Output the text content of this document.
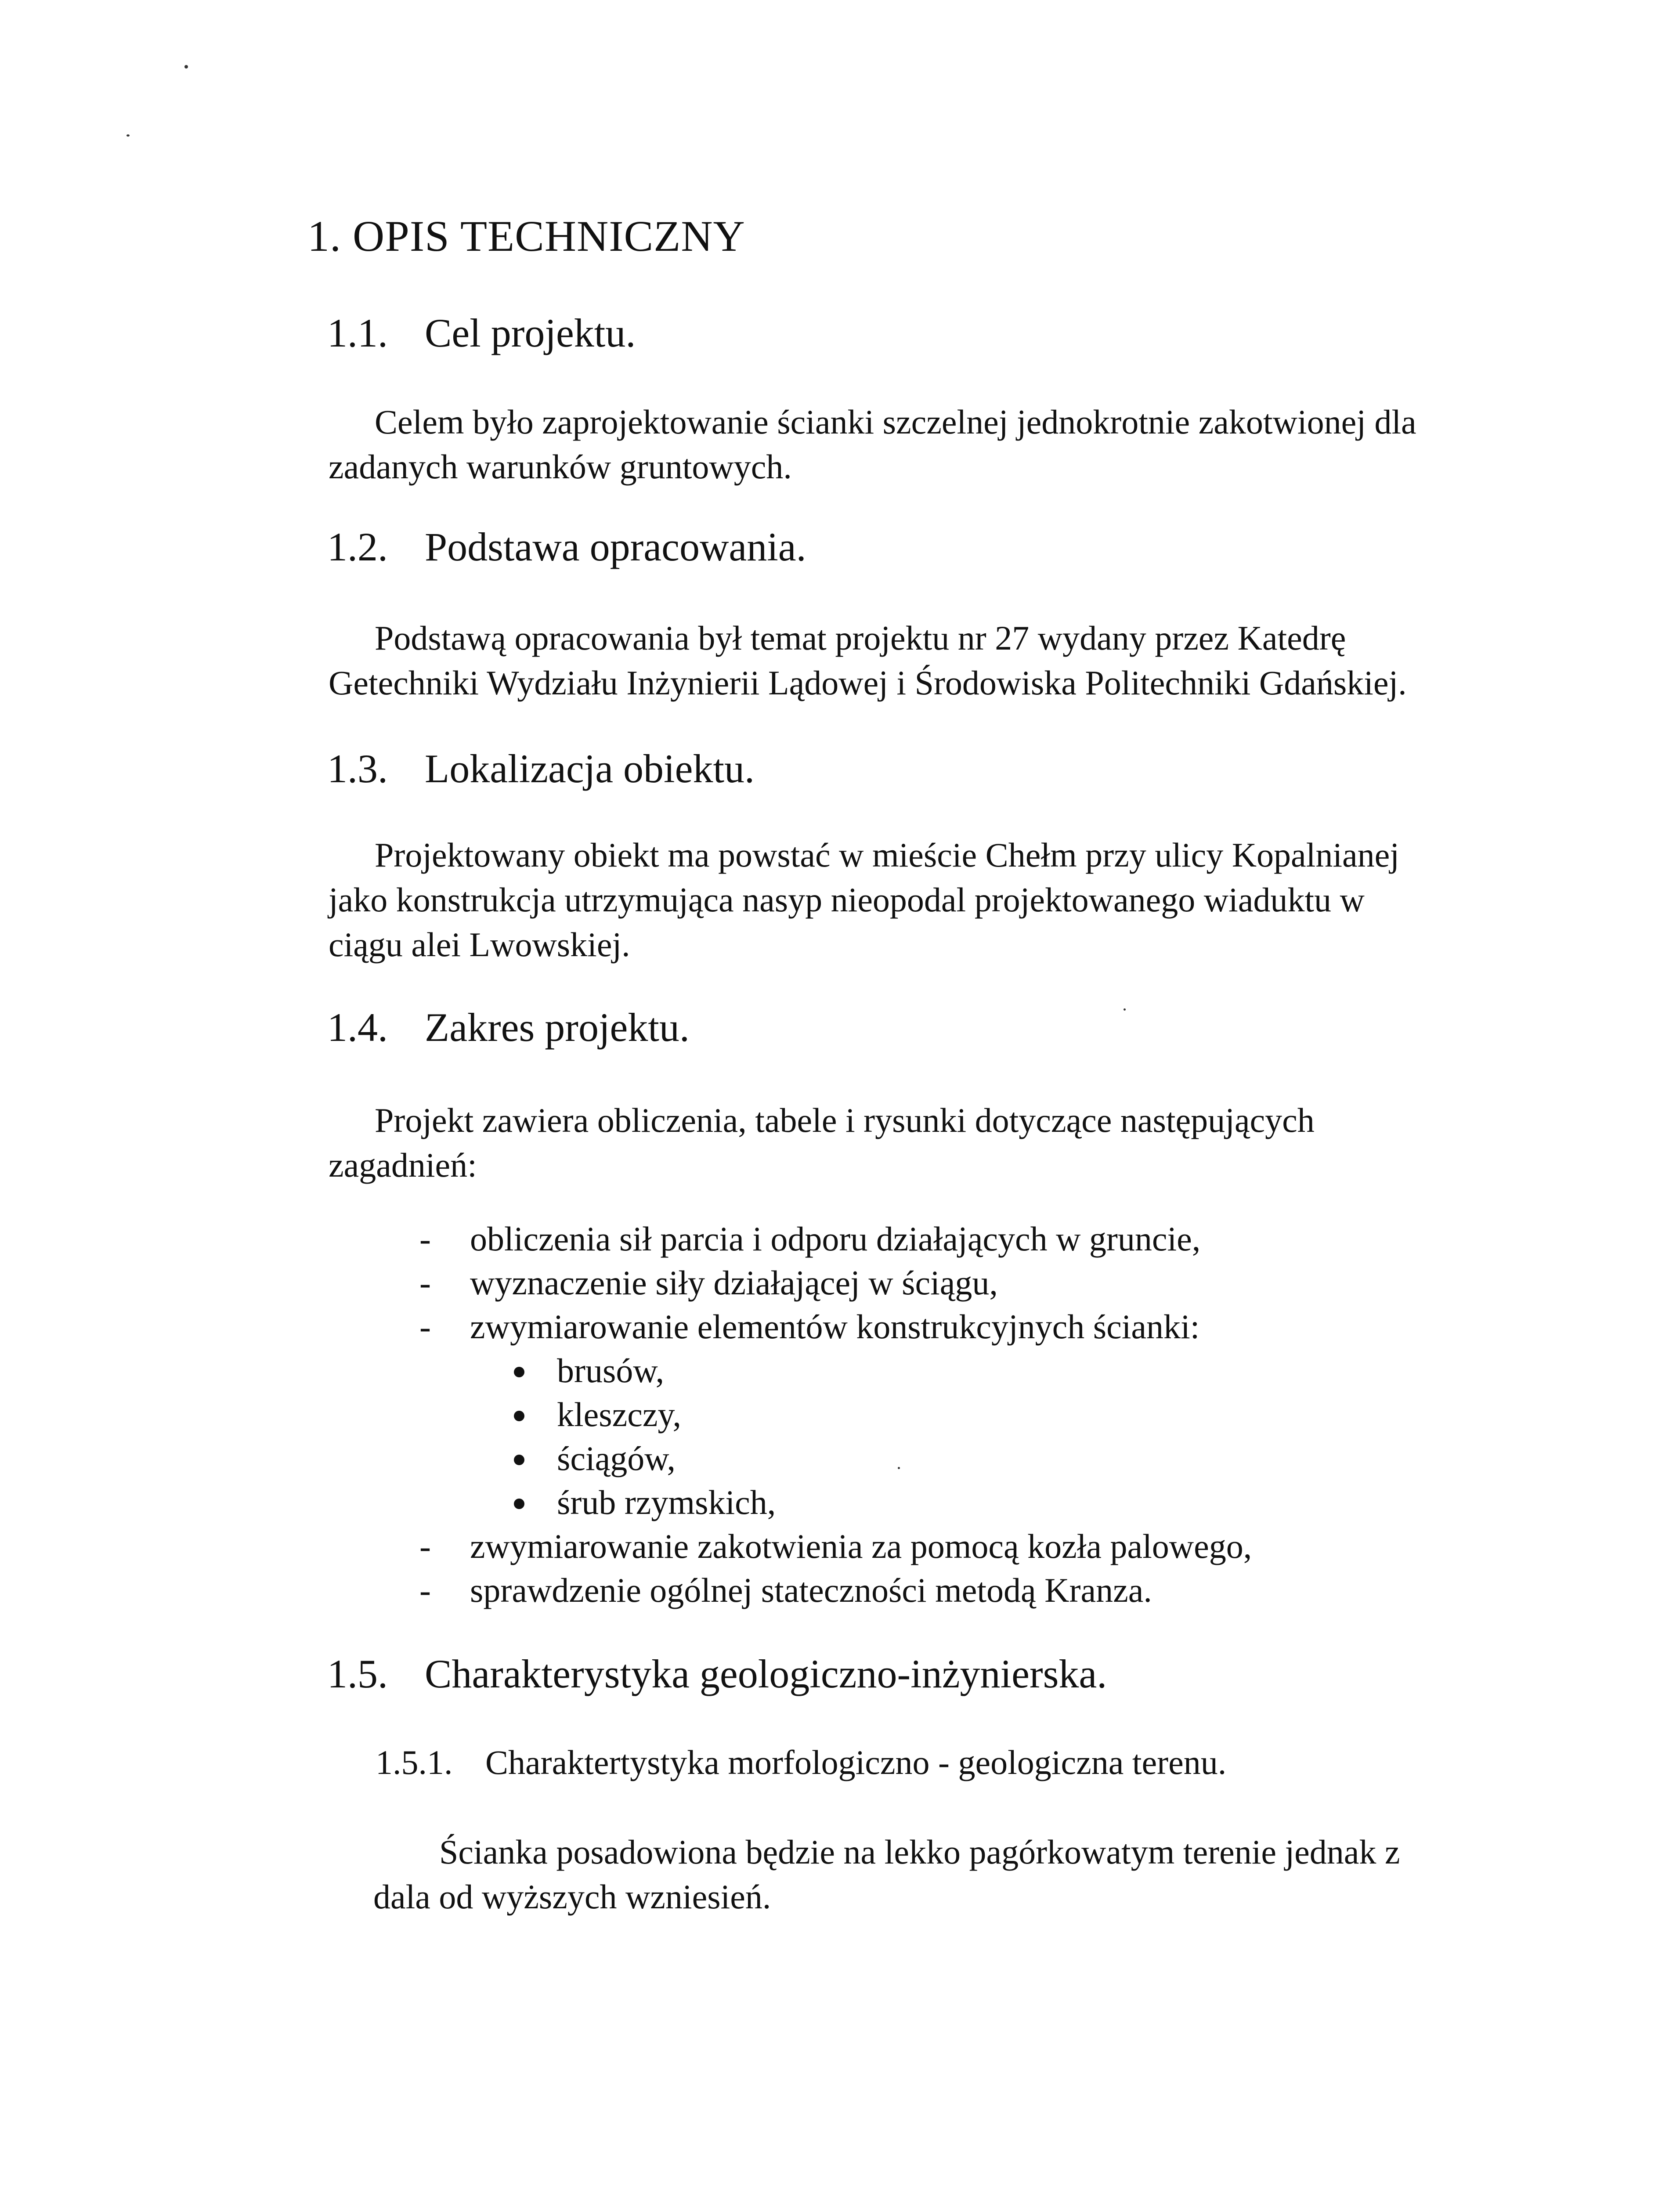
1. OPIS TECHNICZNY
1.1. Cel projektu.
Celem było zaprojektowanie ścianki szczelnej jednokrotnie zakotwionej dla
zadanych warunków gruntowych.
1.2. Podstawa opracowania.
Podstawą opracowania był temat projektu nr 27 wydany przez Katedrę
Getechniki Wydziału Inżynierii Lądowej i Środowiska Politechniki Gdańskiej.
1.3. Lokalizacja obiektu.
Projektowany obiekt ma powstać w mieście Chełm przy ulicy Kopalnianej
jako konstrukcja utrzymująca nasyp nieopodal projektowanego wiaduktu w
ciągu alei Lwowskiej.
1.4. Zakres projektu.
Projekt zawiera obliczenia, tabele i rysunki dotyczące następujących
zagadnień:
- obliczenia sił parcia i odporu działających w gruncie,
- wyznaczenie siły działającej w ściągu,
- zwymiarowanie elementów konstrukcyjnych ścianki:
brusów,
kleszczy,
ściągów,
śrub rzymskich,
- zwymiarowanie zakotwienia za pomocą kozła palowego,
- sprawdzenie ogólnej stateczności metodą Kranza.
1.5. Charakterystyka geologiczno-inżynierska.
1.5.1. Charaktertystyka morfologiczno - geologiczna terenu.
Ścianka posadowiona będzie na lekko pagórkowatym terenie jednak z
dala od wyższych wzniesień.
